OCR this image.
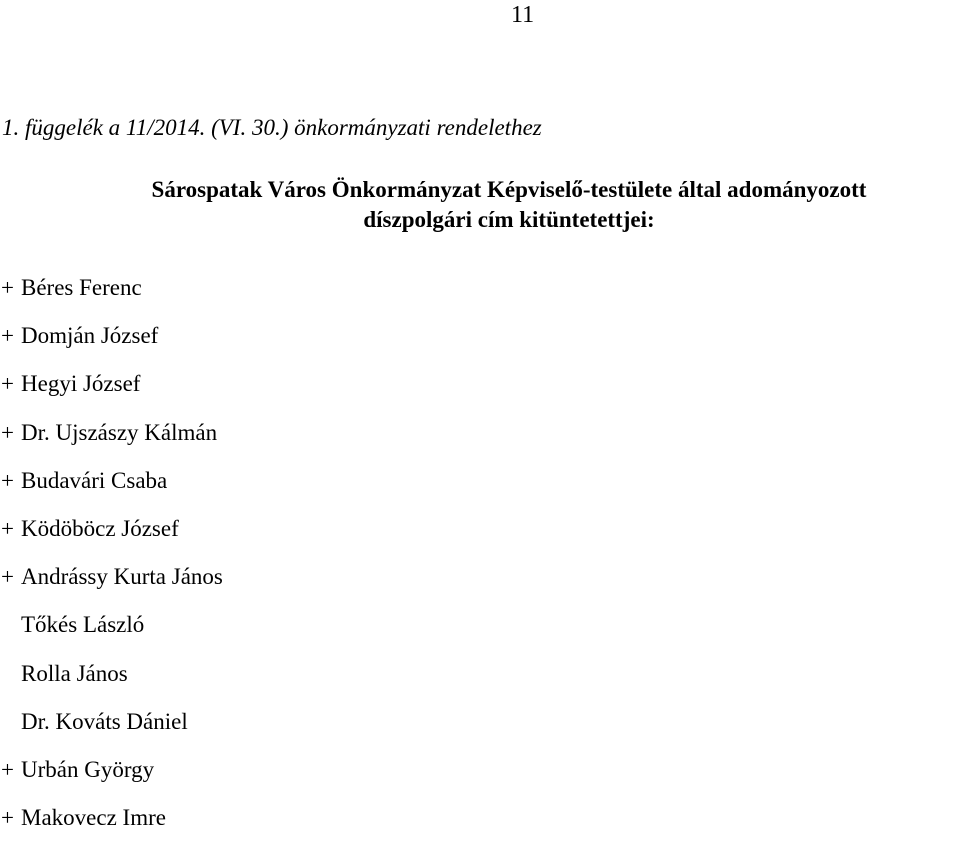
11
1. függelék a 11/2014. (VI. 30.) önkormányzati rendelethez
Sárospatak Város Önkormányzat Képviselő-testülete által adományozott
díszpolgári cím kitüntetettjei:
+ Béres Ferenc
+ Domján József
+ Hegyi József
+ Dr. Ujszászy Kálmán
+ Budavári Csaba
+ Ködöböcz József
+ Andrássy Kurta János
Tőkés László
Rolla János
Dr. Kováts Dániel
+ Urbán György
+ Makovecz Imre
